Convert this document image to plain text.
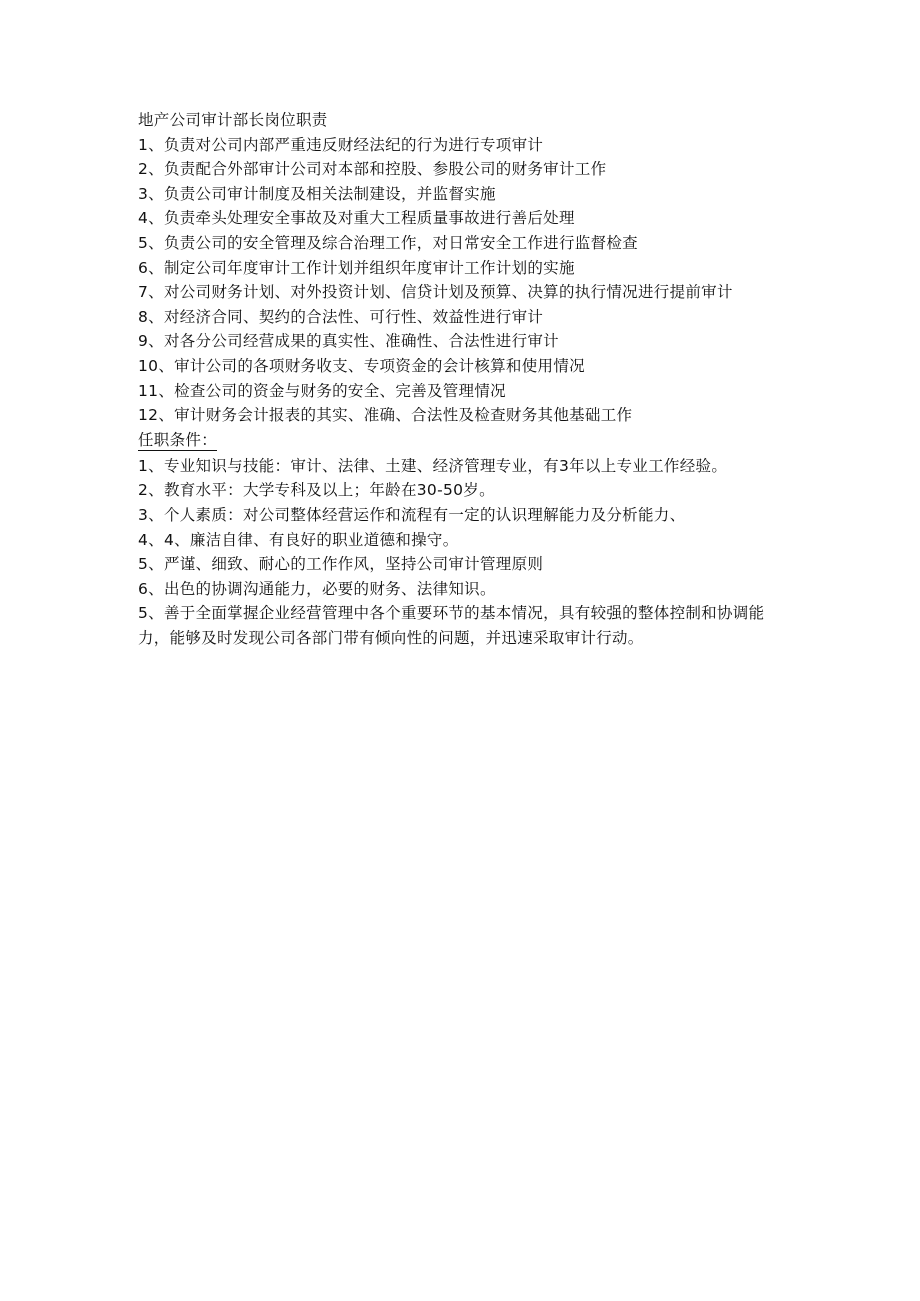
地产公司审计部长岗位职责
1、负责对公司内部严重违反财经法纪的行为进行专项审计
2、负责配合外部审计公司对本部和控股、参股公司的财务审计工作
3、负责公司审计制度及相关法制建设，并监督实施
4、负责牵头处理安全事故及对重大工程质量事故进行善后处理
5、负责公司的安全管理及综合治理工作，对日常安全工作进行监督检查
6、制定公司年度审计工作计划并组织年度审计工作计划的实施
7、对公司财务计划、对外投资计划、信贷计划及预算、决算的执行情况进行提前审计
8、对经济合同、契约的合法性、可行性、效益性进行审计
9、对各分公司经营成果的真实性、准确性、合法性进行审计
10、审计公司的各项财务收支、专项资金的会计核算和使用情况
11、检查公司的资金与财务的安全、完善及管理情况
12、审计财务会计报表的其实、准确、合法性及检查财务其他基础工作
任职条件：
1、专业知识与技能：审计、法律、土建、经济管理专业，有3年以上专业工作经验。
2、教育水平：大学专科及以上；年龄在30-50岁。
3、个人素质：对公司整体经营运作和流程有一定的认识理解能力及分析能力、
4、4、廉洁自律、有良好的职业道德和操守。
5、严谨、细致、耐心的工作作风，坚持公司审计管理原则
6、出色的协调沟通能力，必要的财务、法律知识。
5、善于全面掌握企业经营管理中各个重要环节的基本情况，具有较强的整体控制和协调能力，能够及时发现公司各部门带有倾向性的问题，并迅速采取审计行动。
